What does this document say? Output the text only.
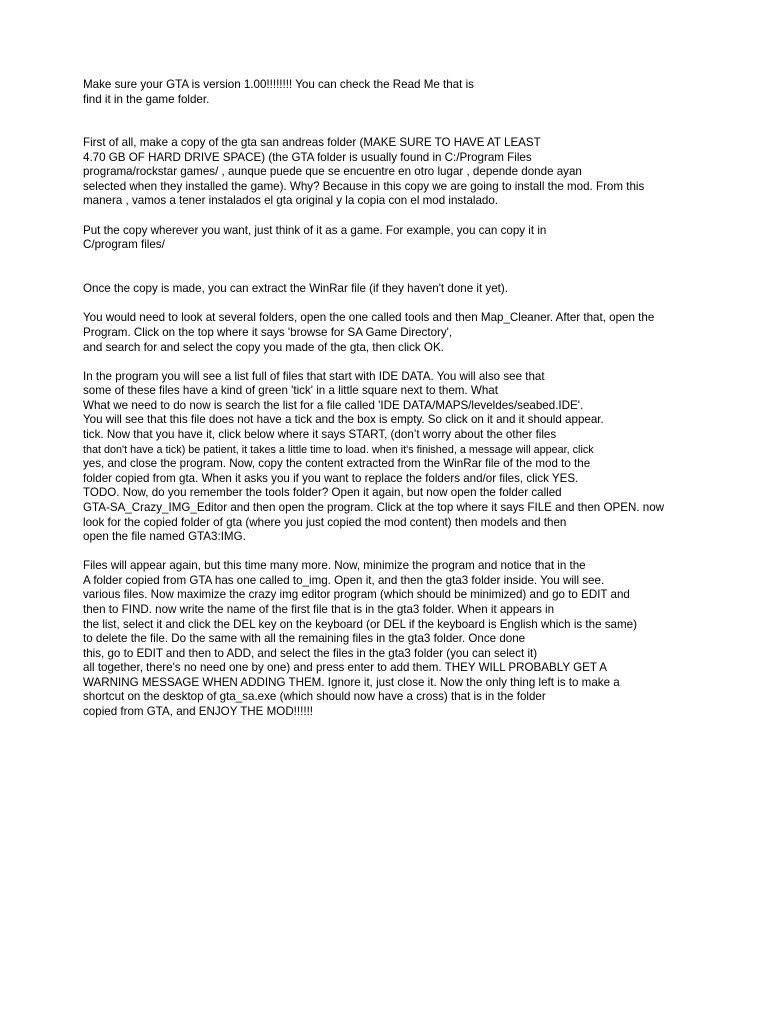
Make sure your GTA is version 1.00!!!!!!!! You can check the Read Me that is
find it in the game folder.
First of all, make a copy of the gta san andreas folder (MAKE SURE TO HAVE AT LEAST
4.70 GB OF HARD DRIVE SPACE) (the GTA folder is usually found in C:/Program Files
programa/rockstar games/ , aunque puede que se encuentre en otro lugar , depende donde ayan
selected when they installed the game). Why? Because in this copy we are going to install the mod. From this
manera , vamos a tener instalados el gta original y la copia con el mod instalado.
Put the copy wherever you want, just think of it as a game. For example, you can copy it in
C/program files/
Once the copy is made, you can extract the WinRar file (if they haven't done it yet).
You would need to look at several folders, open the one called tools and then Map_Cleaner. After that, open the
Program. Click on the top where it says 'browse for SA Game Directory',
and search for and select the copy you made of the gta, then click OK.
In the program you will see a list full of files that start with IDE DATA. You will also see that
some of these files have a kind of green 'tick' in a little square next to them. What
What we need to do now is search the list for a file called 'IDE DATA/MAPS/leveldes/seabed.IDE'.
You will see that this file does not have a tick and the box is empty. So click on it and it should appear.
tick. Now that you have it, click below where it says START, (don’t worry about the other files
that don't have a tick) be patient, it takes a little time to load. when it's finished, a message will appear, click
yes, and close the program. Now, copy the content extracted from the WinRar file of the mod to the
folder copied from gta. When it asks you if you want to replace the folders and/or files, click YES.
TODO. Now, do you remember the tools folder? Open it again, but now open the folder called
GTA-SA_Crazy_IMG_Editor and then open the program. Click at the top where it says FILE and then OPEN. now
look for the copied folder of gta (where you just copied the mod content) then models and then
open the file named GTA3:IMG.
Files will appear again, but this time many more. Now, minimize the program and notice that in the
A folder copied from GTA has one called to_img. Open it, and then the gta3 folder inside. You will see.
various files. Now maximize the crazy img editor program (which should be minimized) and go to EDIT and
then to FIND. now write the name of the first file that is in the gta3 folder. When it appears in
the list, select it and click the DEL key on the keyboard (or DEL if the keyboard is English which is the same)
to delete the file. Do the same with all the remaining files in the gta3 folder. Once done
this, go to EDIT and then to ADD, and select the files in the gta3 folder (you can select it)
all together, there's no need one by one) and press enter to add them. THEY WILL PROBABLY GET A
WARNING MESSAGE WHEN ADDING THEM. Ignore it, just close it. Now the only thing left is to make a
shortcut on the desktop of gta_sa.exe (which should now have a cross) that is in the folder
copied from GTA, and ENJOY THE MOD!!!!!!
